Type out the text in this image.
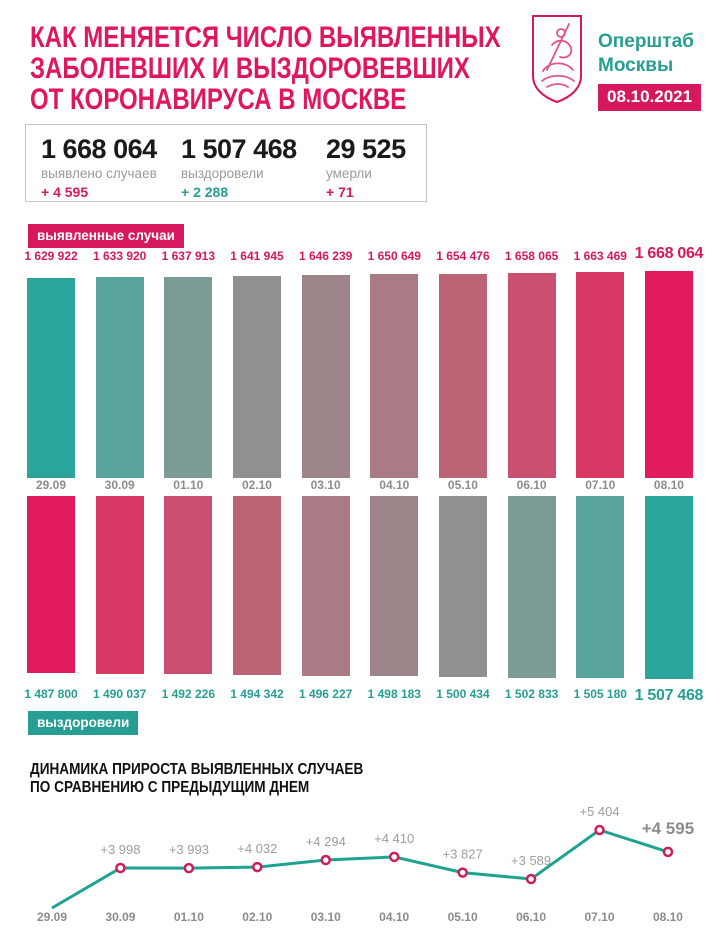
КАК МЕНЯЕТСЯ ЧИСЛО ВЫЯВЛЕННЫХ
ЗАБОЛЕВШИХ И ВЫЗДОРОВЕВШИХ
ОТ КОРОНАВИРУСА В МОСКВЕ
Оперштаб
Москвы
08.10.2021
1 668 064
выявлено случаев
+ 4 595
1 507 468
выздоровели
+ 2 288
29 525
умерли
+ 71
выявленные случаи
1 629 922 1 633 920 1 637 913 1 641 945 1 646 239 1 650 649 1 654 476 1 658 065 1 663 469 1 668 064
29.09	30.09	01.10	02.10	03.10	04.10	05.10	06.10	07.10	08.10
1 487 800 1 490 037 1 492 226 1 494 342 1 496 227 1 498 183 1 500 434 1 502 833 1 505 180 1 507 468
выздоровели
ДИНАМИКА ПРИРОСТА ВЫЯВЛЕННЫХ СЛУЧАЕВ
ПО СРАВНЕНИЮ С ПРЕДЫДУЩИМ ДНЕМ
29.09
+3 998
30.09
+3 993
01.10
+4 032
02.10
+4 294
03.10
+4 410
04.10
+3 827
05.10
+3 589
06.10
+5 404
07.10
+4 595
08.10
